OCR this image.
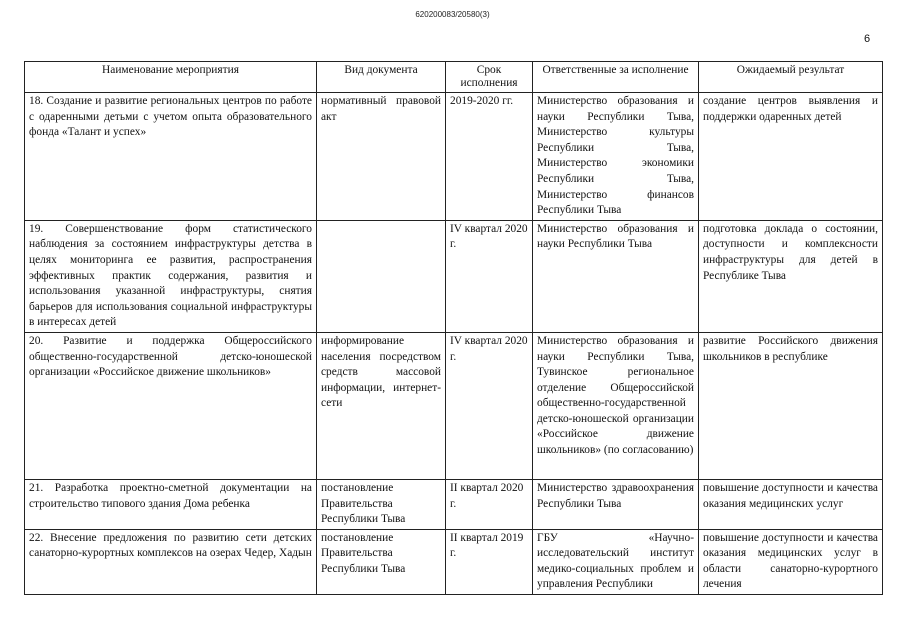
620200083/20580(3)
6
Наименование мероприятия	Вид документа	Срок исполнения	Ответственные за исполнение	Ожидаемый результат
18. Создание и развитие региональных центров по работе с одаренными детьми с учетом опыта образовательного фонда «Талант и успех»	нормативный правовой акт	2019-2020 гг.	Министерство образования и науки Республики Тыва, Министерство культуры Республики Тыва, Министерство экономики Республики Тыва, Министерство финансов Республики Тыва	создание центров выявления и поддержки одаренных детей
19. Совершенствование форм статистического наблюдения за состоянием инфраструктуры детства в целях мониторинга ее развития, распространения эффективных практик содержания, развития и использования указанной инфраструктуры, снятия барьеров для использования социальной инфраструктуры в интересах детей		IV квартал 2020 г.	Министерство образования и науки Республики Тыва	подготовка доклада о состоянии, доступности и комплексности инфраструктуры для детей в Республике Тыва
20. Развитие и поддержка Общероссийского общественно-государственной детско-юношеской организации «Российское движение школьников»	информирование населения посредством средств массовой информации, интернет-сети	IV квартал 2020 г.	Министерство образования и науки Республики Тыва, Тувинское региональное отделение Общероссийской общественно-государственной детско-юношеской организации «Российское движение школьников» (по согласованию)	развитие Российского движения школьников в республике
21. Разработка проектно-сметной документации на строительство типового здания Дома ребенка	постановление Правительства Республики Тыва	II квартал 2020 г.	Министерство здравоохранения Республики Тыва	повышение доступности и качества оказания медицинских услуг
22. Внесение предложения по развитию сети детских санаторно-курортных комплексов на озерах Чедер, Хадын	постановление Правительства Республики Тыва	II квартал 2019 г.	ГБУ «Научно-исследовательский институт медико-социальных проблем и управления Республики	повышение доступности и качества оказания медицинских услуг в области санаторно-курортного лечения
